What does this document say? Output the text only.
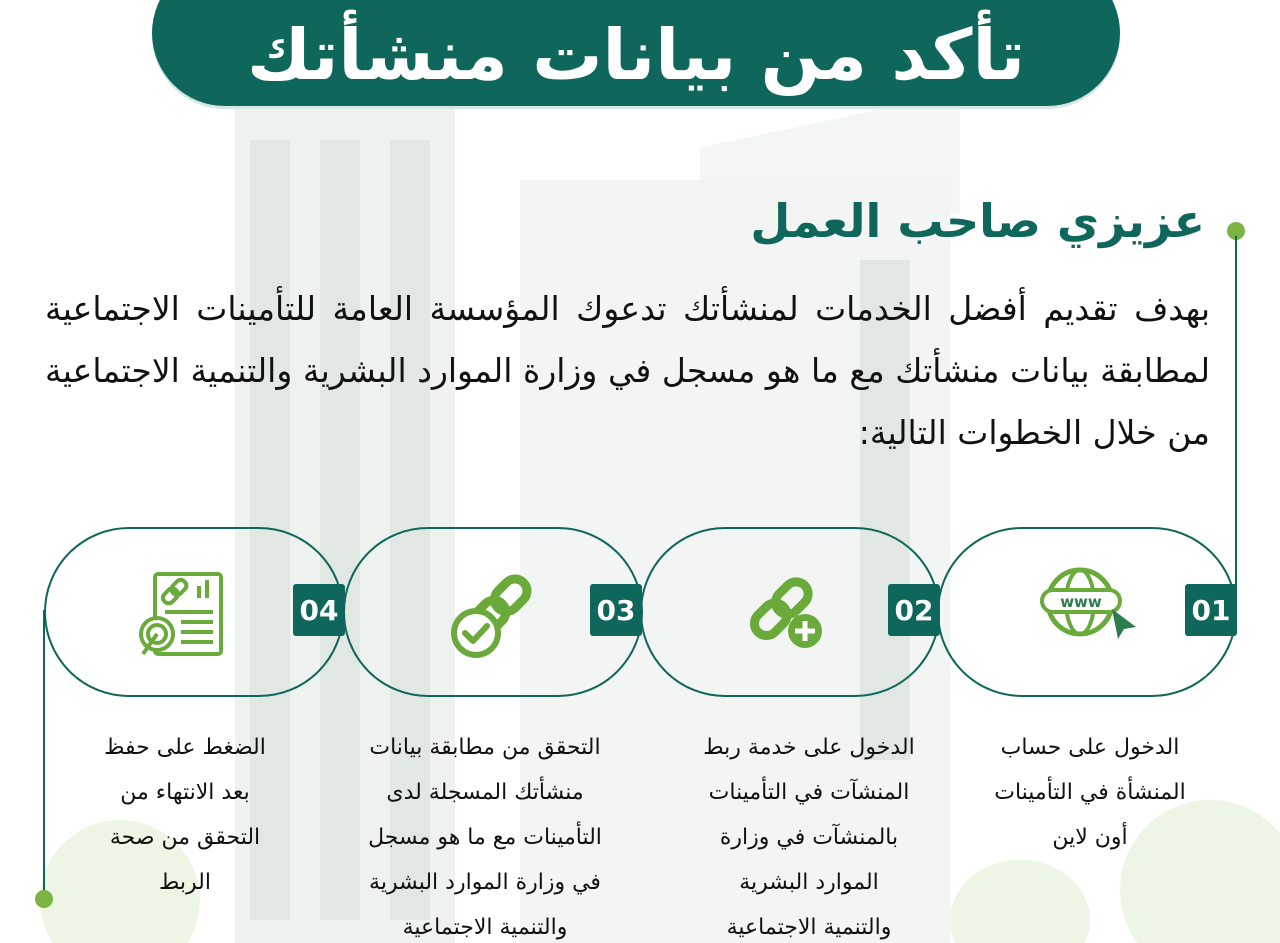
تأكد من بيانات منشأتك
عزيزي صاحب العمل
بهدف تقديم أفضل الخدمات لمنشأتك تدعوك المؤسسة العامة للتأمينات الاجتماعية لمطابقة بيانات منشأتك مع ما هو مسجل في وزارة الموارد البشرية والتنمية الاجتماعية من خلال الخطوات التالية:
01
www
الدخول على حساب
المنشأة في التأمينات
أون لاين
02
الدخول على خدمة ربط
المنشآت في التأمينات
بالمنشآت في وزارة
الموارد البشرية
والتنمية الاجتماعية
03
التحقق من مطابقة بيانات
منشأتك المسجلة لدى
التأمينات مع ما هو مسجل
في وزارة الموارد البشرية
والتنمية الاجتماعية
04
الضغط على حفظ
بعد الانتهاء من
التحقق من صحة
الربط
